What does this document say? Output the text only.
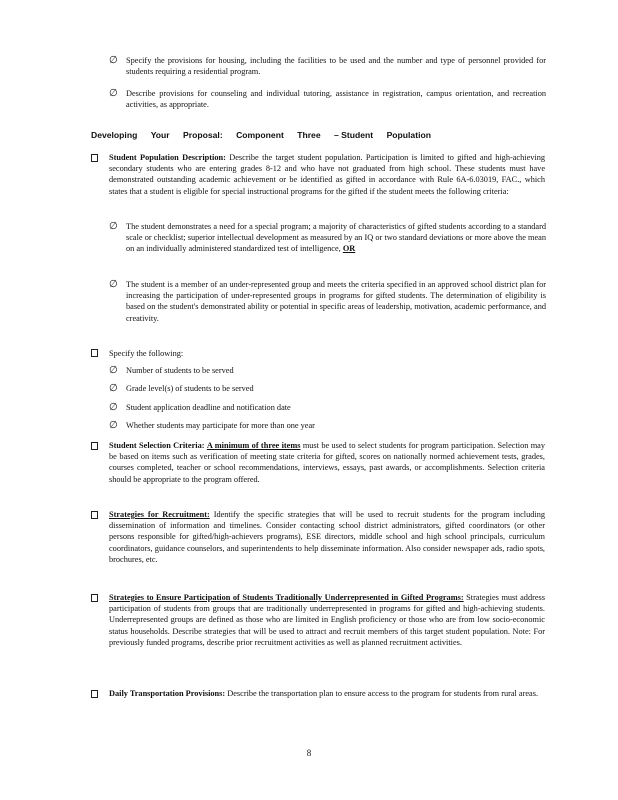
∅ Specify the provisions for housing, including the facilities to be used and the number and type of personnel provided for students requiring a residential program.

∅ Describe provisions for counseling and individual tutoring, assistance in registration, campus orientation, and recreation activities, as appropriate.

Developing Your Proposal: Component Three – Student Population

Student Population Description: Describe the target student population. Participation is limited to gifted and high-achieving secondary students who are entering grades 8-12 and who have not graduated from high school. These students must have demonstrated outstanding academic achievement or be identified as gifted in accordance with Rule 6A-6.03019, FAC., which states that a student is eligible for special instructional programs for the gifted if the student meets the following criteria:

∅ The student demonstrates a need for a special program; a majority of characteristics of gifted students according to a standard scale or checklist; superior intellectual development as measured by an IQ or two standard deviations or more above the mean on an individually administered standardized test of intelligence, OR

∅ The student is a member of an under-represented group and meets the criteria specified in an approved school district plan for increasing the participation of under-represented groups in programs for gifted students. The determination of eligibility is based on the student's demonstrated ability or potential in specific areas of leadership, motivation, academic performance, and creativity.

Specify the following:

∅ Number of students to be served

∅ Grade level(s) of students to be served

∅ Student application deadline and notification date

∅ Whether students may participate for more than one year

Student Selection Criteria: A minimum of three items must be used to select students for program participation. Selection may be based on items such as verification of meeting state criteria for gifted, scores on nationally normed achievement tests, grades, courses completed, teacher or school recommendations, interviews, essays, past awards, or accomplishments. Selection criteria should be appropriate to the program offered.

Strategies for Recruitment: Identify the specific strategies that will be used to recruit students for the program including dissemination of information and timelines. Consider contacting school district administrators, gifted coordinators (or other persons responsible for gifted/high-achievers programs), ESE directors, middle school and high school principals, curriculum coordinators, guidance counselors, and superintendents to help disseminate information. Also consider newspaper ads, radio spots, brochures, etc.

Strategies to Ensure Participation of Students Traditionally Underrepresented in Gifted Programs: Strategies must address participation of students from groups that are traditionally underrepresented in programs for gifted and high-achieving students. Underrepresented groups are defined as those who are limited in English proficiency or those who are from low socio-economic status households. Describe strategies that will be used to attract and recruit members of this target student population. Note: For previously funded programs, describe prior recruitment activities as well as planned recruitment activities.

Daily Transportation Provisions: Describe the transportation plan to ensure access to the program for students from rural areas.

8
